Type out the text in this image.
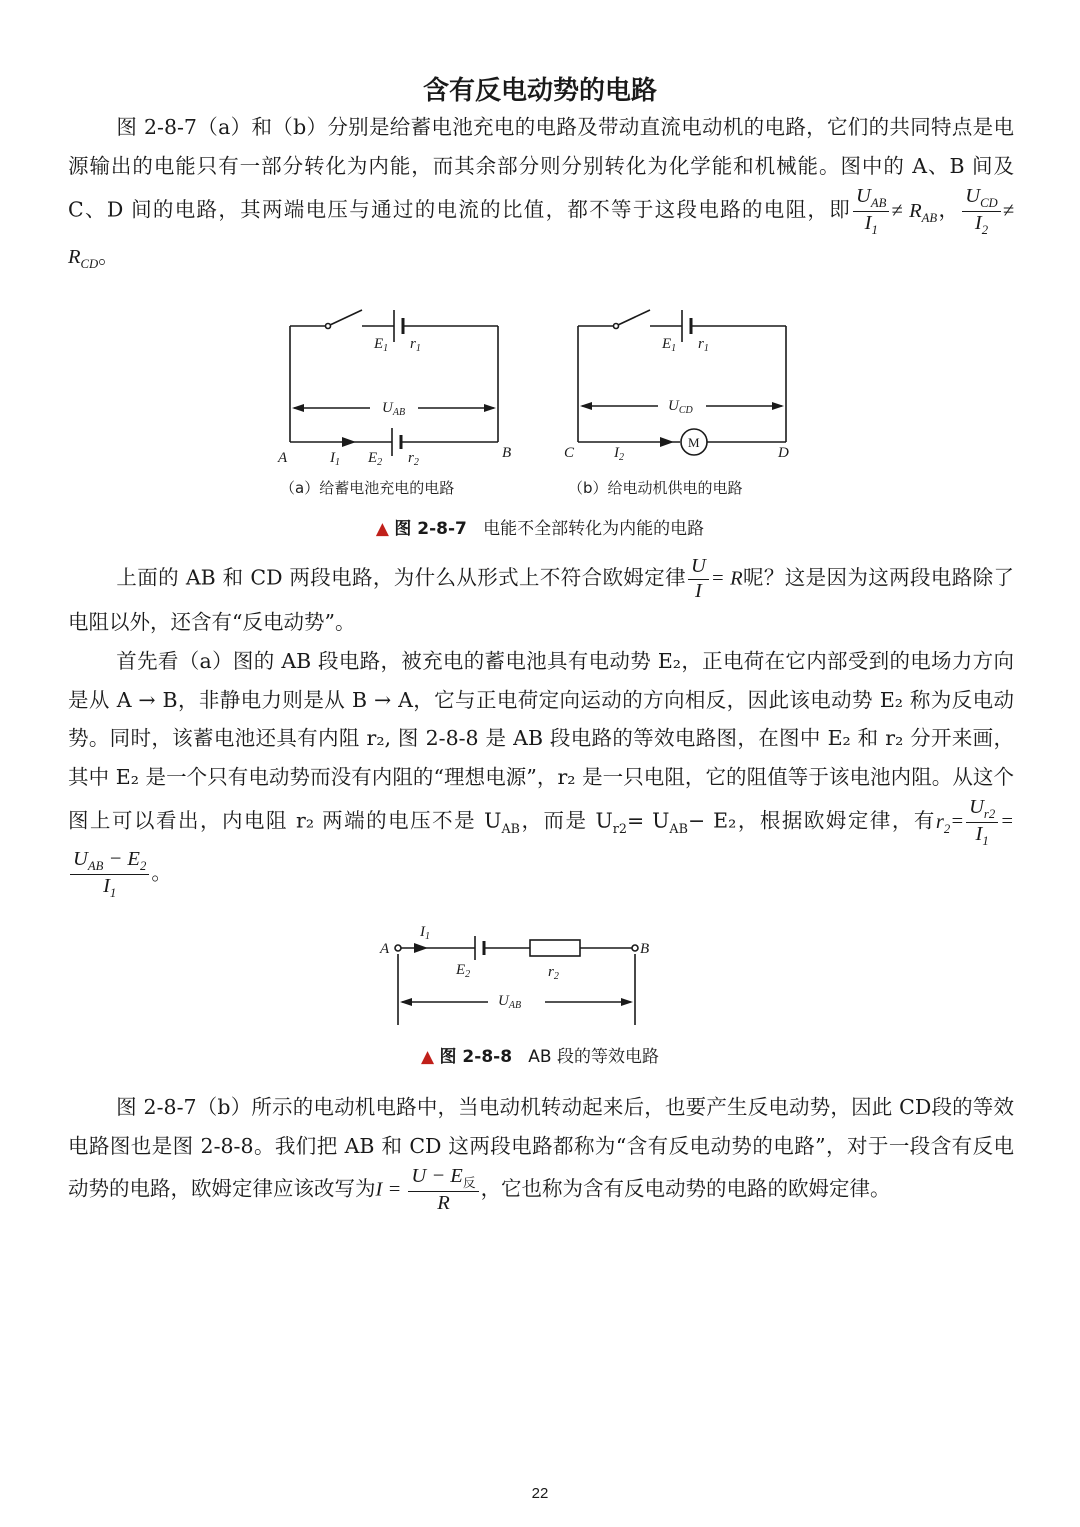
含有反电动势的电路

图 2-8-7（a）和（b）分别是给蓄电池充电的电路及带动直流电动机的电路，它们的共同特点是电源输出的电能只有一部分转化为内能，而其余部分则分别转化为化学能和机械能。图中的 A、B 间及 C、D 间的电路，其两端电压与通过的电流的比值，都不等于这段电路的电阻，即 $\frac{U_{AB}}{I_1} \ne R_{AB}$， $\frac{U_{CD}}{I_2} \ne R_{CD}$。

$E_1$ $r_1$
$U_{AB}$
A	B
$I_1$ $E_2$ $r_2$
（a）给蓄电池充电的电路
$E_1$ $r_1$
$U_{CD}$
C	D
$I_2$
M
（b）给电动机供电的电路
▲ 图 2-8-7 电能不全部转化为内能的电路

上面的 AB 和 CD 两段电路，为什么从形式上不符合欧姆定律 $\frac{U}{I} = R$呢？这是因为这两段电路除了电阻以外，还含有“反电动势”。

首先看（a）图的 AB 段电路，被充电的蓄电池具有电动势 E₂，正电荷在它内部受到的电场力方向是从 A → B，非静电力则是从 B → A，它与正电荷定向运动的方向相反，因此该电动势 E₂ 称为反电动势。同时，该蓄电池还具有内阻 r₂, 图 2-8-8 是 AB 段电路的等效电路图，在图中 E₂ 和 r₂ 分开来画，其中 E₂ 是一个只有电动势而没有内阻的“理想电源”，r₂ 是一只电阻，它的阻值等于该电池内阻。从这个图上可以看出，内电阻 r₂ 两端的电压不是 $U_{AB}$，而是 $U_{r2}= U_{AB}- E_2$，根据欧姆定律，有$r_2= \frac{U_{r2}}{I_1}$ =
$\frac{U_{AB} - E_2}{I_1}$ 。

A	B
$I_1$
$E_2$	$r_2$
$U_{AB}$
▲ 图 2-8-8 AB 段的等效电路

图 2-8-7（b）所示的电动机电路中，当电动机转动起来后，也要产生反电动势，因此 CD段的等效电路图也是图 2-8-8。我们把 AB 和 CD 这两段电路都称为“含有反电动势的电路”，对于一段含有反电动势的电路，欧姆定律应该改写为$I = \frac{U - E_反}{R}$ ，它也称为含有反电动势的电路的欧姆定律。

22
